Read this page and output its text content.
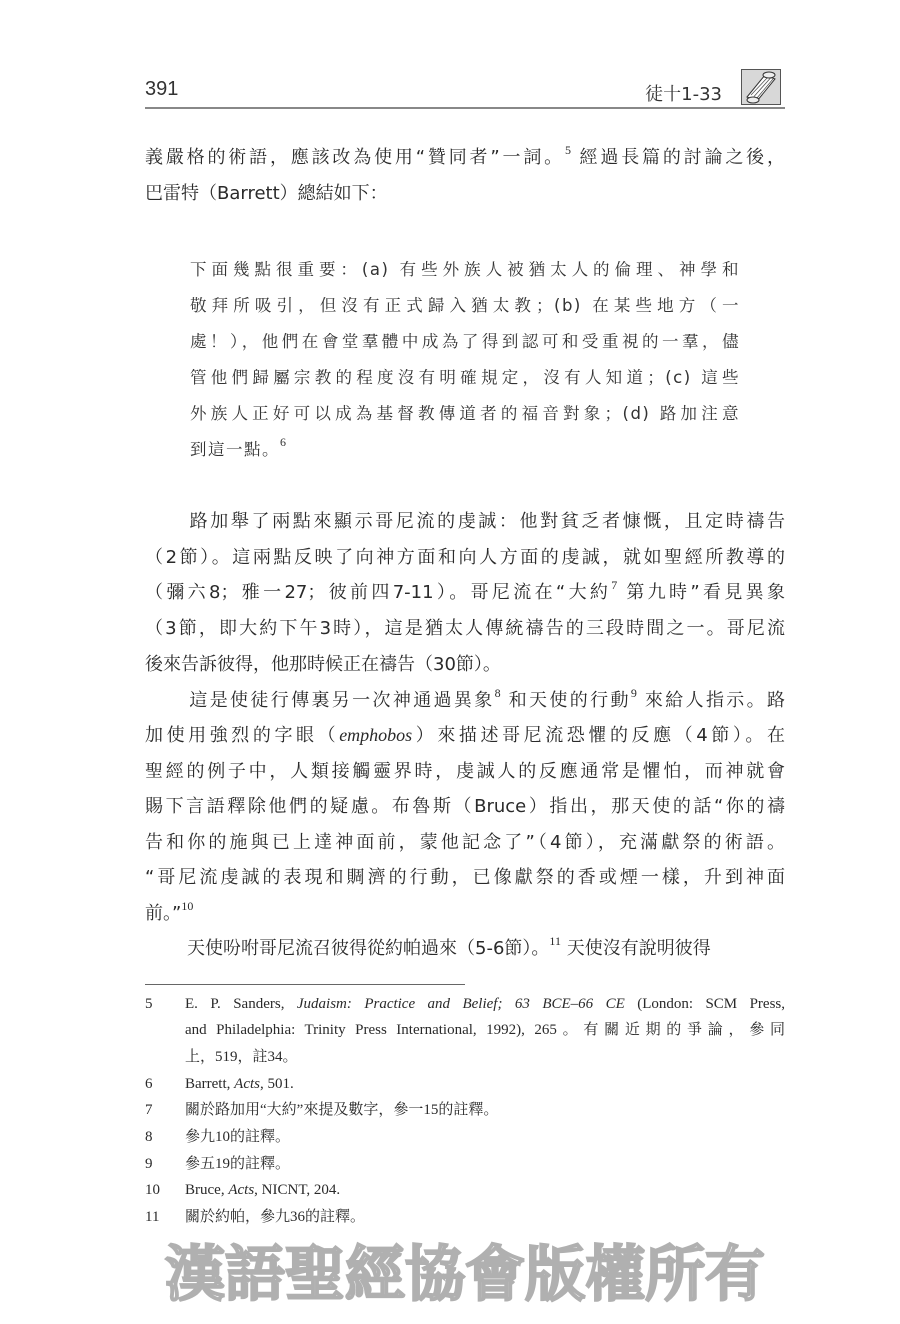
391	徒十1-33
義嚴格的術語，應該改為使用“贊同者”一詞。$^5$ 經過長篇的討論之後，
巴雷特（Barrett）總結如下：
下面幾點很重要：(a) 有些外族人被猶太人的倫理、神學和
敬拜所吸引，但沒有正式歸入猶太教；(b) 在某些地方（一
處！），他們在會堂羣體中成為了得到認可和受重視的一羣，儘
管他們歸屬宗教的程度沒有明確規定，沒有人知道；(c) 這些
外族人正好可以成為基督教傳道者的福音對象；(d) 路加注意
到這一點。$^6$
路加舉了兩點來顯示哥尼流的虔誠：他對貧乏者慷慨，且定時禱告
（2節）。這兩點反映了向神方面和向人方面的虔誠，就如聖經所教導的
（彌六8；雅一27；彼前四7-11）。哥尼流在“大約$^7$ 第九時”看見異象
（3節，即大約下午3時），這是猶太人傳統禱告的三段時間之一。哥尼流
後來告訴彼得，他那時候正在禱告（30節）。
這是使徒行傳裏另一次神通過異象$^8$ 和天使的行動$^9$ 來給人指示。路
加使用強烈的字眼（emphobos）來描述哥尼流恐懼的反應（4節）。在
聖經的例子中，人類接觸靈界時，虔誠人的反應通常是懼怕，而神就會
賜下言語釋除他們的疑慮。布魯斯（Bruce）指出，那天使的話“你的禱
告和你的施與已上達神面前，蒙他記念了”（4節），充滿獻祭的術語。
“哥尼流虔誠的表現和賙濟的行動，已像獻祭的香或煙一樣，升到神面
前。”$^{10}$
天使吩咐哥尼流召彼得從約帕過來（5-6節）。$^{11}$ 天使沒有說明彼得
5	E. P. Sanders, Judaism: Practice and Belief; 63 BCE–66 CE (London: SCM Press,
and Philadelphia: Trinity Press International, 1992), 265。有關近期的爭論，參同
上，519，註34。
6	Barrett, Acts, 501.
7	關於路加用“大約”來提及數字，參一15的註釋。
8	參九10的註釋。
9	參五19的註釋。
10	Bruce, Acts, NICNT, 204.
11	關於約帕，參九36的註釋。
漢語聖經協會版權所有
